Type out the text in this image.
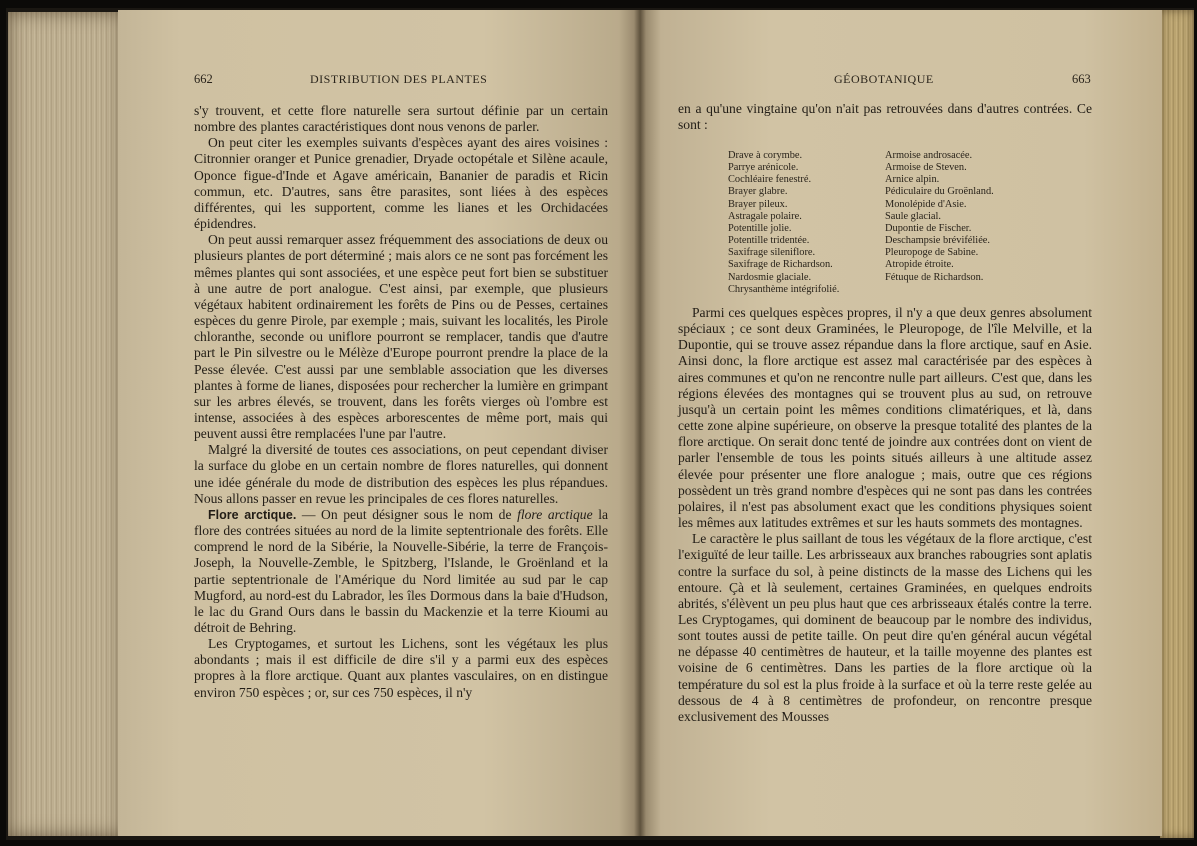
662	DISTRIBUTION DES PLANTES

s'y trouvent, et cette flore naturelle sera surtout définie par un certain nombre des plantes caractéristiques dont nous venons de parler.

On peut citer les exemples suivants d'espèces ayant des aires voisines : Citronnier oranger et Punice grenadier, Dryade octopétale et Silène acaule, Oponce figue-d'Inde et Agave américain, Bananier de paradis et Ricin commun, etc. D'autres, sans être parasites, sont liées à des espèces différentes, qui les supportent, comme les lianes et les Orchidacées épidendres.

On peut aussi remarquer assez fréquemment des associations de deux ou plusieurs plantes de port déterminé ; mais alors ce ne sont pas forcément les mêmes plantes qui sont associées, et une espèce peut fort bien se substituer à une autre de port analogue. C'est ainsi, par exemple, que plusieurs végétaux habitent ordinairement les forêts de Pins ou de Pesses, certaines espèces du genre Pirole, par exemple ; mais, suivant les localités, les Pirole chloranthe, seconde ou uniflore pourront se remplacer, tandis que d'autre part le Pin silvestre ou le Mélèze d'Europe pourront prendre la place de la Pesse élevée. C'est aussi par une semblable association que les diverses plantes à forme de lianes, disposées pour rechercher la lumière en grimpant sur les arbres élevés, se trouvent, dans les forêts vierges où l'ombre est intense, associées à des espèces arborescentes de même port, mais qui peuvent aussi être remplacées l'une par l'autre.

Malgré la diversité de toutes ces associations, on peut cependant diviser la surface du globe en un certain nombre de flores naturelles, qui donnent une idée générale du mode de distribution des espèces les plus répandues. Nous allons passer en revue les principales de ces flores naturelles.

Flore arctique. — On peut désigner sous le nom de flore arctique la flore des contrées situées au nord de la limite septentrionale des forêts. Elle comprend le nord de la Sibérie, la Nouvelle-Sibérie, la terre de François-Joseph, la Nouvelle-Zemble, le Spitzberg, l'Islande, le Groënland et la partie septentrionale de l'Amérique du Nord limitée au sud par le cap Mugford, au nord-est du Labrador, les îles Dormous dans la baie d'Hudson, le lac du Grand Ours dans le bassin du Mackenzie et la terre Kioumi au détroit de Behring.

Les Cryptogames, et surtout les Lichens, sont les végétaux les plus abondants ; mais il est difficile de dire s'il y a parmi eux des espèces propres à la flore arctique. Quant aux plantes vasculaires, on en distingue environ 750 espèces ; or, sur ces 750 espèces, il n'y

GÉOBOTANIQUE	663

en a qu'une vingtaine qu'on n'ait pas retrouvées dans d'autres contrées. Ce sont :

Drave à corymbe.
Parrye arénicole.
Cochléaire fenestré.
Brayer glabre.
Brayer pileux.
Astragale polaire.
Potentille jolie.
Potentille tridentée.
Saxifrage sileniflore.
Saxifrage de Richardson.
Nardosmie glaciale.
Chrysanthème intégrifolié.
Armoise androsacée.
Armoise de Steven.
Arnice alpin.
Pédiculaire du Groënland.
Monolépide d'Asie.
Saule glacial.
Dupontie de Fischer.
Deschampsie bréviféliée.
Pleuropoge de Sabine.
Atropide étroite.
Fétuque de Richardson.

Parmi ces quelques espèces propres, il n'y a que deux genres absolument spéciaux ; ce sont deux Graminées, le Pleuropoge, de l'île Melville, et la Dupontie, qui se trouve assez répandue dans la flore arctique, sauf en Asie. Ainsi donc, la flore arctique est assez mal caractérisée par des espèces à aires communes et qu'on ne rencontre nulle part ailleurs. C'est que, dans les régions élevées des montagnes qui se trouvent plus au sud, on retrouve jusqu'à un certain point les mêmes conditions climatériques, et là, dans cette zone alpine supérieure, on observe la presque totalité des plantes de la flore arctique. On serait donc tenté de joindre aux contrées dont on vient de parler l'ensemble de tous les points situés ailleurs à une altitude assez élevée pour présenter une flore analogue ; mais, outre que ces régions possèdent un très grand nombre d'espèces qui ne sont pas dans les contrées polaires, il n'est pas absolument exact que les conditions physiques soient les mêmes aux latitudes extrêmes et sur les hauts sommets des montagnes.

Le caractère le plus saillant de tous les végétaux de la flore arctique, c'est l'exiguïté de leur taille. Les arbrisseaux aux branches rabougries sont aplatis contre la surface du sol, à peine distincts de la masse des Lichens qui les entoure. Çà et là seulement, certaines Graminées, en quelques endroits abrités, s'élèvent un peu plus haut que ces arbrisseaux étalés contre la terre. Les Cryptogames, qui dominent de beaucoup par le nombre des individus, sont toutes aussi de petite taille. On peut dire qu'en général aucun végétal ne dépasse 40 centimètres de hauteur, et la taille moyenne des plantes est voisine de 6 centimètres. Dans les parties de la flore arctique où la température du sol est la plus froide à la surface et où la terre reste gelée au dessous de 4 à 8 centimètres de profondeur, on rencontre presque exclusivement des Mousses
